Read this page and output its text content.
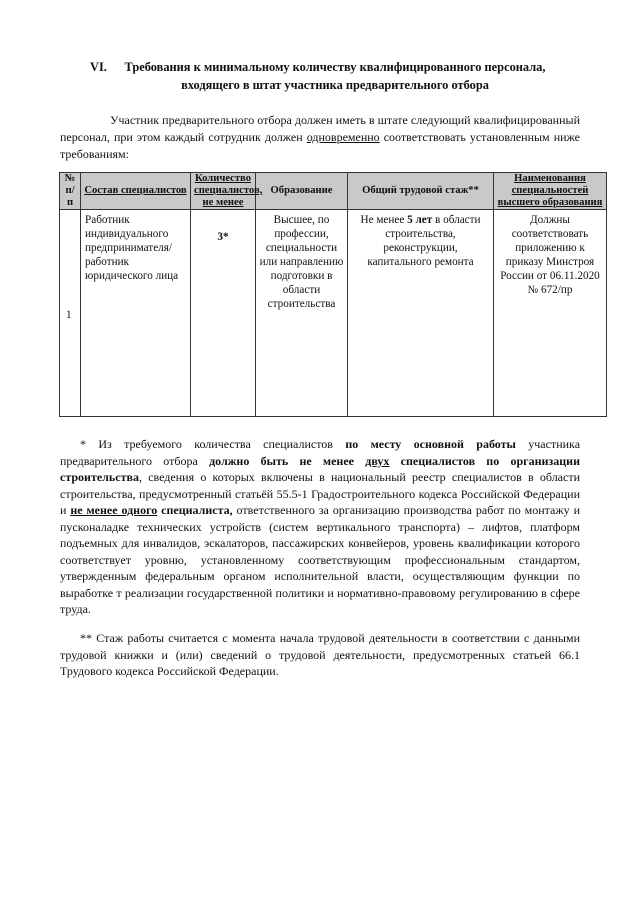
VI.	Требования к минимальному количеству квалифицированного персонала,
входящего в штат участника предварительного отбора
Участник предварительного отбора должен иметь в штате следующий квалифицированный персонал, при этом каждый сотрудник должен одновременно соответствовать установленным ниже требованиям:
№ п/п	Состав специалистов	Количество специалистов, не менее	Образование	Общий трудовой стаж**	Наименования специальностей высшего образования
1	Работник индивидуального предпринимателя/ работник юридического лица	3*	Высшее, по профессии, специальности или направлению подготовки в области строительства	Не менее 5 лет в области строительства, реконструкции, капитального ремонта	Должны соответствовать приложению к приказу Минстроя России от 06.11.2020 № 672/пр
* Из требуемого количества специалистов по месту основной работы участника предварительного отбора должно быть не менее двух специалистов по организации строительства, сведения о которых включены в национальный реестр специалистов в области строительства, предусмотренный статьёй 55.5-1 Градостроительного кодекса Российской Федерации и не менее одного специалиста, ответственного за организацию производства работ по монтажу и пусконаладке технических устройств (систем вертикального транспорта) – лифтов, платформ подъемных для инвалидов, эскалаторов, пассажирских конвейеров, уровень квалификации которого соответствует уровню, установленному соответствующим профессиональным стандартом, утвержденным федеральным органом исполнительной власти, осуществляющим функции по выработке т реализации государственной политики и нормативно-правовому регулированию в сфере труда.
** Стаж работы считается с момента начала трудовой деятельности в соответствии с данными трудовой книжки и (или) сведений о трудовой деятельности, предусмотренных статьей 66.1 Трудового кодекса Российской Федерации.
